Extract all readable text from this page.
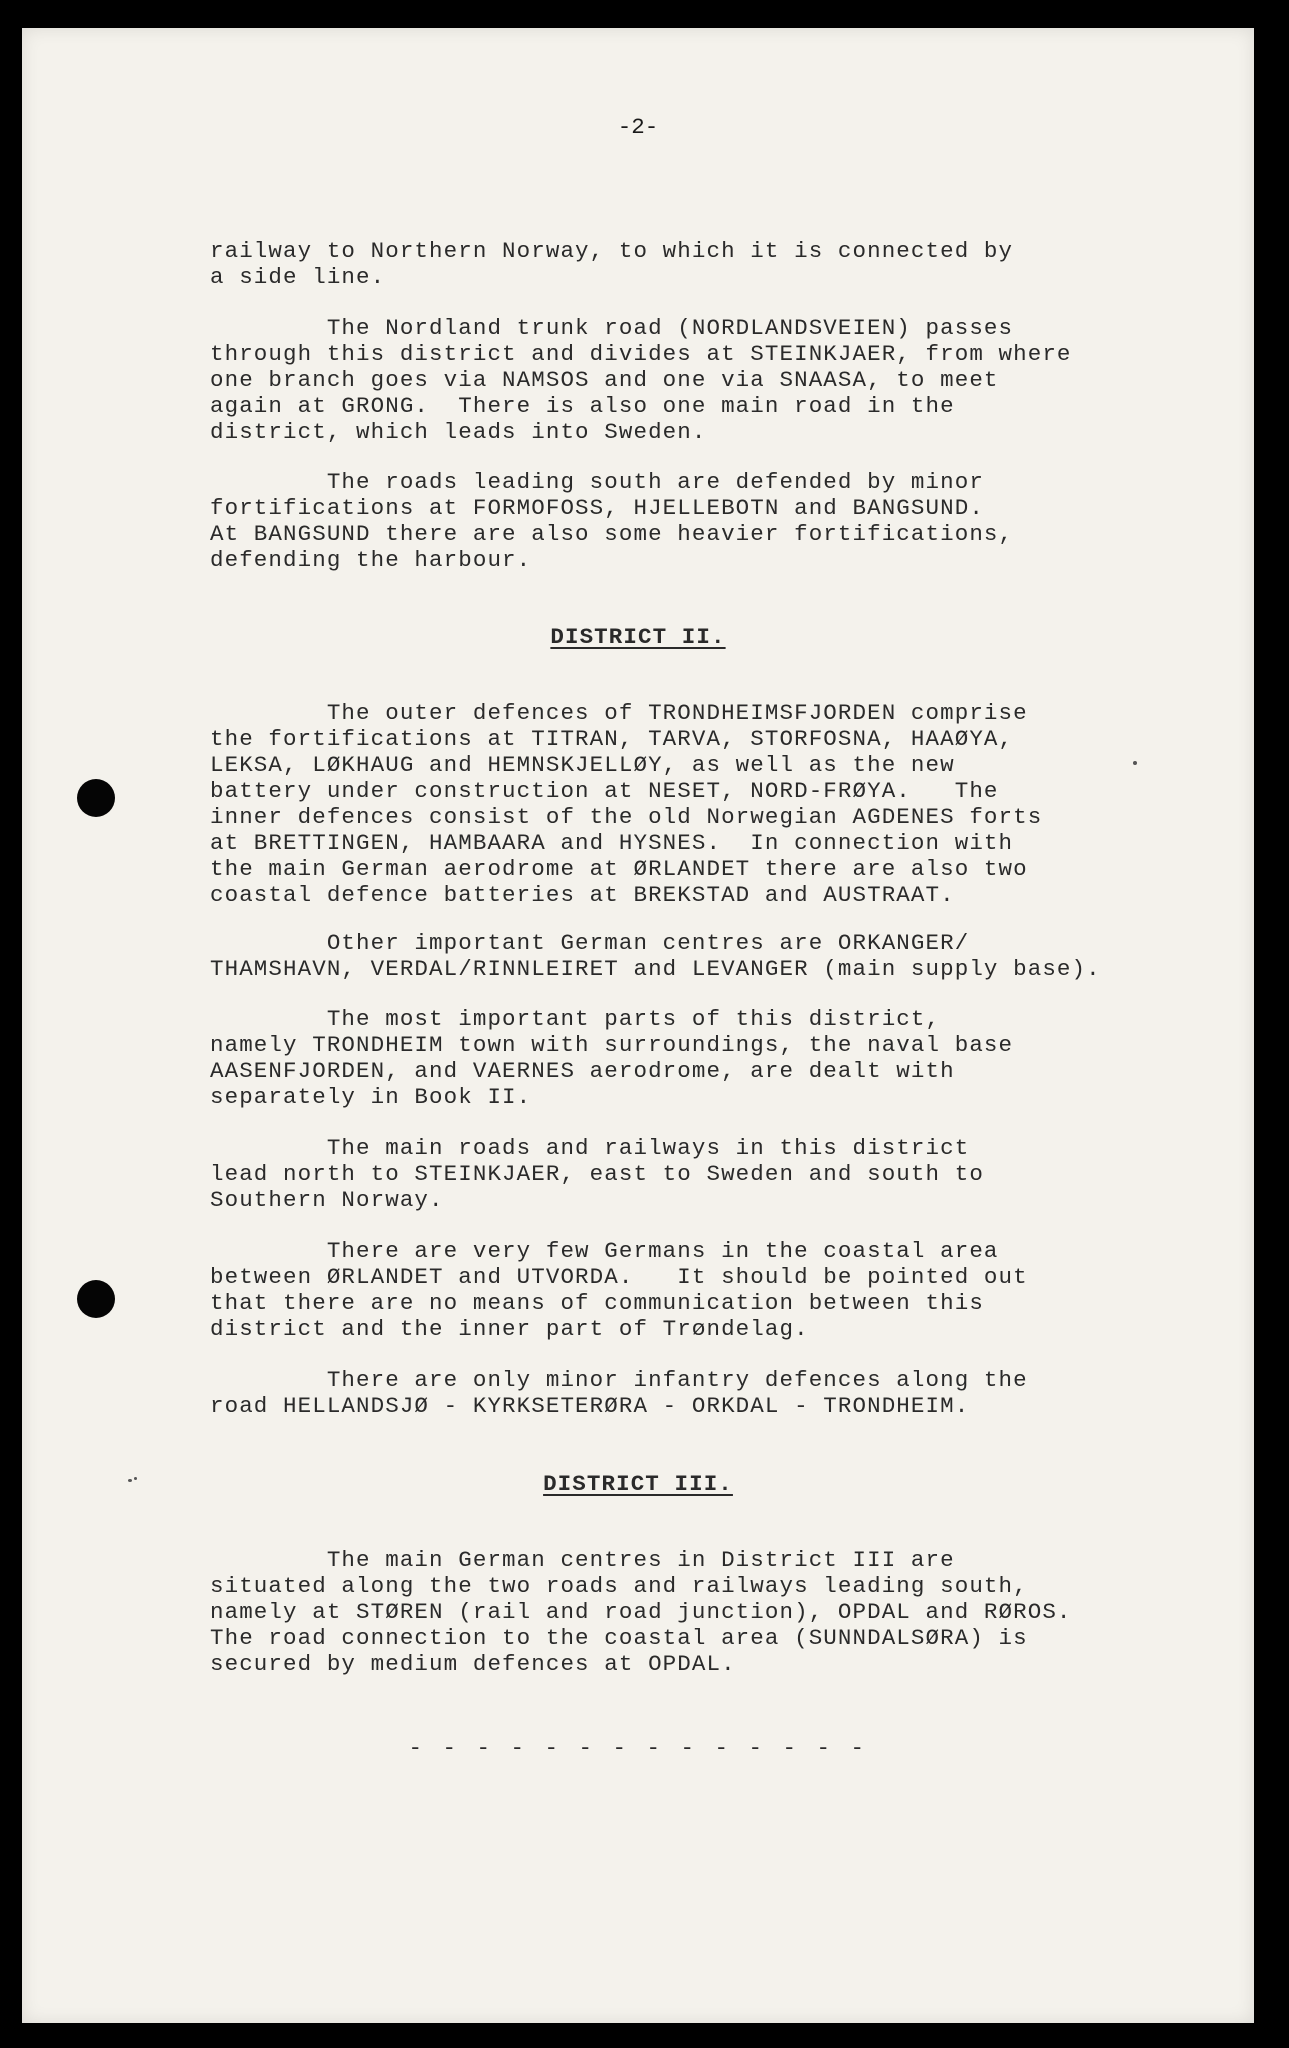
-2-

railway to Northern Norway, to which it is connected by
a side line.

The Nordland trunk road (NORDLANDSVEIEN) passes
through this district and divides at STEINKJAER, from where
one branch goes via NAMSOS and one via SNAASA, to meet
again at GRONG.  There is also one main road in the
district, which leads into Sweden.

The roads leading south are defended by minor
fortifications at FORMOFOSS, HJELLEBOTN and BANGSUND.
At BANGSUND there are also some heavier fortifications,
defending the harbour.

DISTRICT II.

The outer defences of TRONDHEIMSFJORDEN comprise
the fortifications at TITRAN, TARVA, STORFOSNA, HAAØYA,
LEKSA, LØKHAUG and HEMNSKJELLØY, as well as the new
battery under construction at NESET, NORD-FRØYA.   The
inner defences consist of the old Norwegian AGDENES forts
at BRETTINGEN, HAMBAARA and HYSNES.  In connection with
the main German aerodrome at ØRLANDET there are also two
coastal defence batteries at BREKSTAD and AUSTRAAT.

Other important German centres are ORKANGER/
THAMSHAVN, VERDAL/RINNLEIRET and LEVANGER (main supply base).

The most important parts of this district,
namely TRONDHEIM town with surroundings, the naval base
AASENFJORDEN, and VAERNES aerodrome, are dealt with
separately in Book II.

The main roads and railways in this district
lead north to STEINKJAER, east to Sweden and south to
Southern Norway.

There are very few Germans in the coastal area
between ØRLANDET and UTVORDA.   It should be pointed out
that there are no means of communication between this
district and the inner part of Trøndelag.

There are only minor infantry defences along the
road HELLANDSJØ - KYRKSETERØRA - ORKDAL - TRONDHEIM.

DISTRICT III.

The main German centres in District III are
situated along the two roads and railways leading south,
namely at STØREN (rail and road junction), OPDAL and RØROS.
The road connection to the coastal area (SUNNDALSØRA) is
secured by medium defences at OPDAL.

- - - - - - - - - - - - - -
